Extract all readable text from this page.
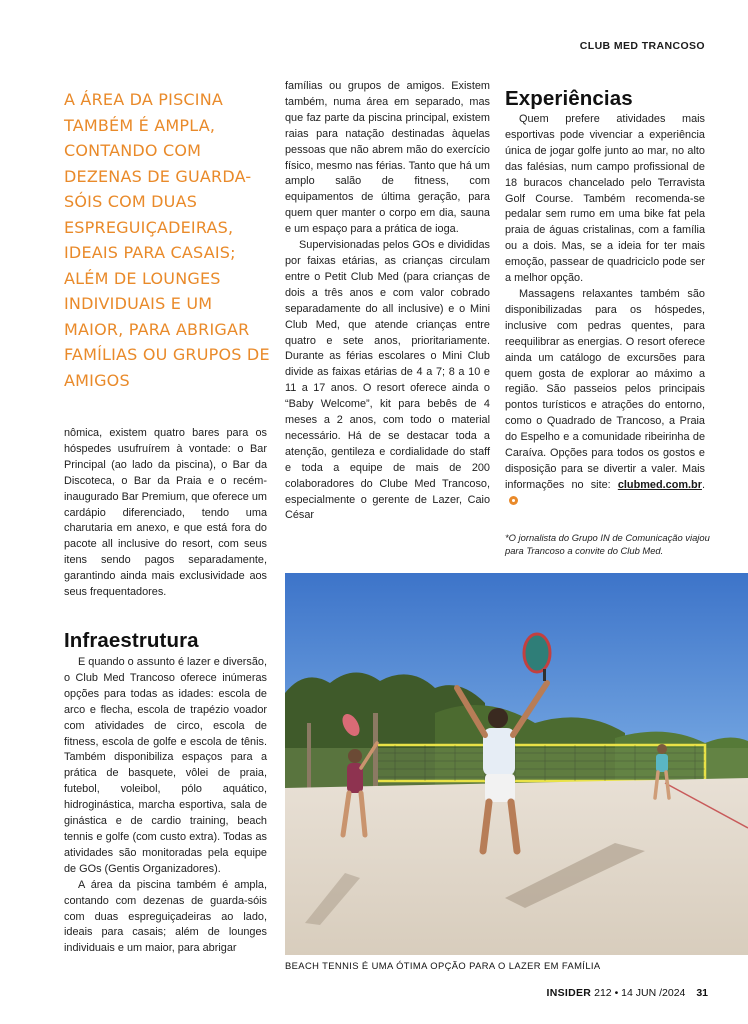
CLUB MED TRANCOSO
A ÁREA DA PISCINA TAMBÉM É AMPLA, CONTANDO COM DEZENAS DE GUARDA-SÓIS COM DUAS ESPREGUIÇADEIRAS, IDEAIS PARA CASAIS; ALÉM DE LOUNGES INDIVIDUAIS E UM MAIOR, PARA ABRIGAR FAMÍLIAS OU GRUPOS DE AMIGOS

nômica, existem quatro bares para os hóspedes usufruírem à vontade: o Bar Principal (ao lado da piscina), o Bar da Discoteca, o Bar da Praia e o recém-inaugurado Bar Premium, que oferece um cardápio diferenciado, tendo uma charutaria em anexo, e que está fora do pacote all inclusive do resort, com seus itens sendo pagos separadamente, garantindo ainda mais exclusividade aos seus frequentadores.

Infraestrutura

E quando o assunto é lazer e diversão, o Club Med Trancoso oferece inúmeras opções para todas as idades: escola de arco e flecha, escola de trapézio voador com atividades de circo, escola de fitness, escola de golfe e escola de tênis. Também disponibiliza espaços para a prática de basquete, vôlei de praia, futebol, voleibol, pólo aquático, hidroginástica, marcha esportiva, sala de ginástica e de cardio training, beach tennis e golfe (com custo extra). Todas as atividades são monitoradas pela equipe de GOs (Gentis Organizadores).

A área da piscina também é ampla, contando com dezenas de guarda-sóis com duas espreguiçadeiras ao lado, ideais para casais; além de lounges individuais e um maior, para abrigar

famílias ou grupos de amigos. Existem também, numa área em separado, mas que faz parte da piscina principal, existem raias para natação destinadas àquelas pessoas que não abrem mão do exercício físico, mesmo nas férias. Tanto que há um amplo salão de fitness, com equipamentos de última geração, para quem quer manter o corpo em dia, sauna e um espaço para a prática de ioga.

Supervisionadas pelos GOs e divididas por faixas etárias, as crianças circulam entre o Petit Club Med (para crianças de dois a três anos e com valor cobrado separadamente do all inclusive) e o Mini Club Med, que atende crianças entre quatro e sete anos, prioritariamente. Durante as férias escolares o Mini Club divide as faixas etárias de 4 a 7; 8 a 10 e 11 a 17 anos. O resort oferece ainda o “Baby Welcome”, kit para bebês de 4 meses a 2 anos, com todo o material necessário. Há de se destacar toda a atenção, gentileza e cordialidade do staff e toda a equipe de mais de 200 colaboradores do Clube Med Trancoso, especialmente o gerente de Lazer, Caio César

Experiências

Quem prefere atividades mais esportivas pode vivenciar a experiência única de jogar golfe junto ao mar, no alto das falésias, num campo profissional de 18 buracos chancelado pelo Terravista Golf Course. Também recomenda-se pedalar sem rumo em uma bike fat pela praia de águas cristalinas, com a família ou a dois. Mas, se a ideia for ter mais emoção, passear de quadriciclo pode ser a melhor opção.

Massagens relaxantes também são disponibilizadas para os hóspedes, inclusive com pedras quentes, para reequilibrar as energias. O resort oferece ainda um catálogo de excursões para quem gosta de explorar ao máximo a região. São passeios pelos principais pontos turísticos e atrações do entorno, como o Quadrado de Trancoso, a Praia do Espelho e a comunidade ribeirinha de Caraíva. Opções para todos os gostos e disposição para se divertir a valer. Mais informações no site: clubmed.com.br.

*O jornalista do Grupo IN de Comunicação viajou para Trancoso a convite do Club Med.
BEACH TENNIS É UMA ÓTIMA OPÇÃO PARA O LAZER EM FAMÍLIA
INSIDER 212 • 14 JUN /2024 31
